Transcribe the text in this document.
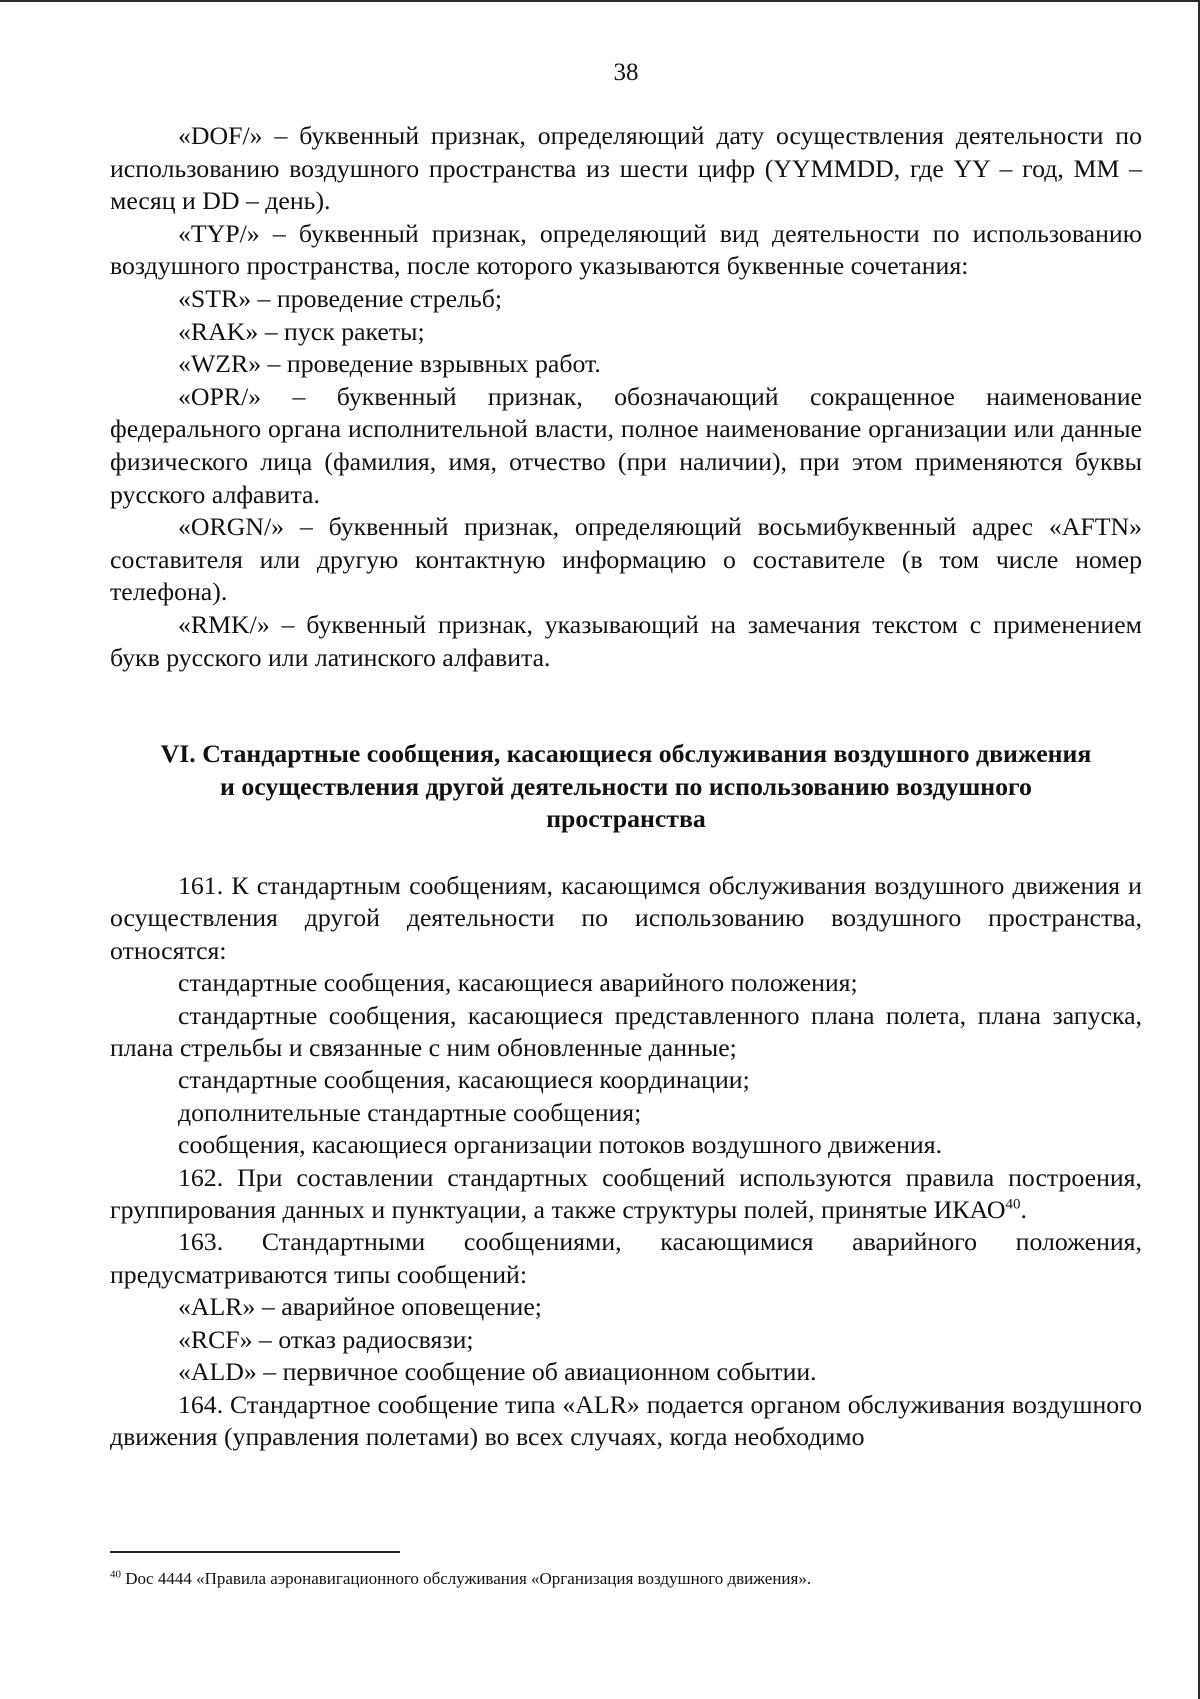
38

«DOF/» – буквенный признак, определяющий дату осуществления деятельности по использованию воздушного пространства из шести цифр (YYMMDD, где YY – год, MM – месяц и DD – день).

«TYP/» – буквенный признак, определяющий вид деятельности по использованию воздушного пространства, после которого указываются буквенные сочетания:

«STR» – проведение стрельб;

«RAK» – пуск ракеты;

«WZR» – проведение взрывных работ.

«OPR/» – буквенный признак, обозначающий сокращенное наименование федерального органа исполнительной власти, полное наименование организации или данные физического лица (фамилия, имя, отчество (при наличии), при этом применяются буквы русского алфавита.

«ORGN/» – буквенный признак, определяющий восьмибуквенный адрес «AFTN» составителя или другую контактную информацию о составителе (в том числе номер телефона).

«RMK/» – буквенный признак, указывающий на замечания текстом с применением букв русского или латинского алфавита.

VI. Стандартные сообщения, касающиеся обслуживания воздушного движения
и осуществления другой деятельности по использованию воздушного
пространства

161. К стандартным сообщениям, касающимся обслуживания воздушного движения и осуществления другой деятельности по использованию воздушного пространства, относятся:

стандартные сообщения, касающиеся аварийного положения;

стандартные сообщения, касающиеся представленного плана полета, плана запуска, плана стрельбы и связанные с ним обновленные данные;

стандартные сообщения, касающиеся координации;

дополнительные стандартные сообщения;

сообщения, касающиеся организации потоков воздушного движения.

162. При составлении стандартных сообщений используются правила построения, группирования данных и пунктуации, а также структуры полей, принятые ИКАО$^{40}$.

163. Стандартными сообщениями, касающимися аварийного положения, предусматриваются типы сообщений:

«ALR» – аварийное оповещение;

«RCF» – отказ радиосвязи;

«ALD» – первичное сообщение об авиационном событии.

164. Стандартное сообщение типа «ALR» подается органом обслуживания воздушного движения (управления полетами) во всех случаях, когда необходимо

$^{40}$ Doc 4444 «Правила аэронавигационного обслуживания «Организация воздушного движения».
